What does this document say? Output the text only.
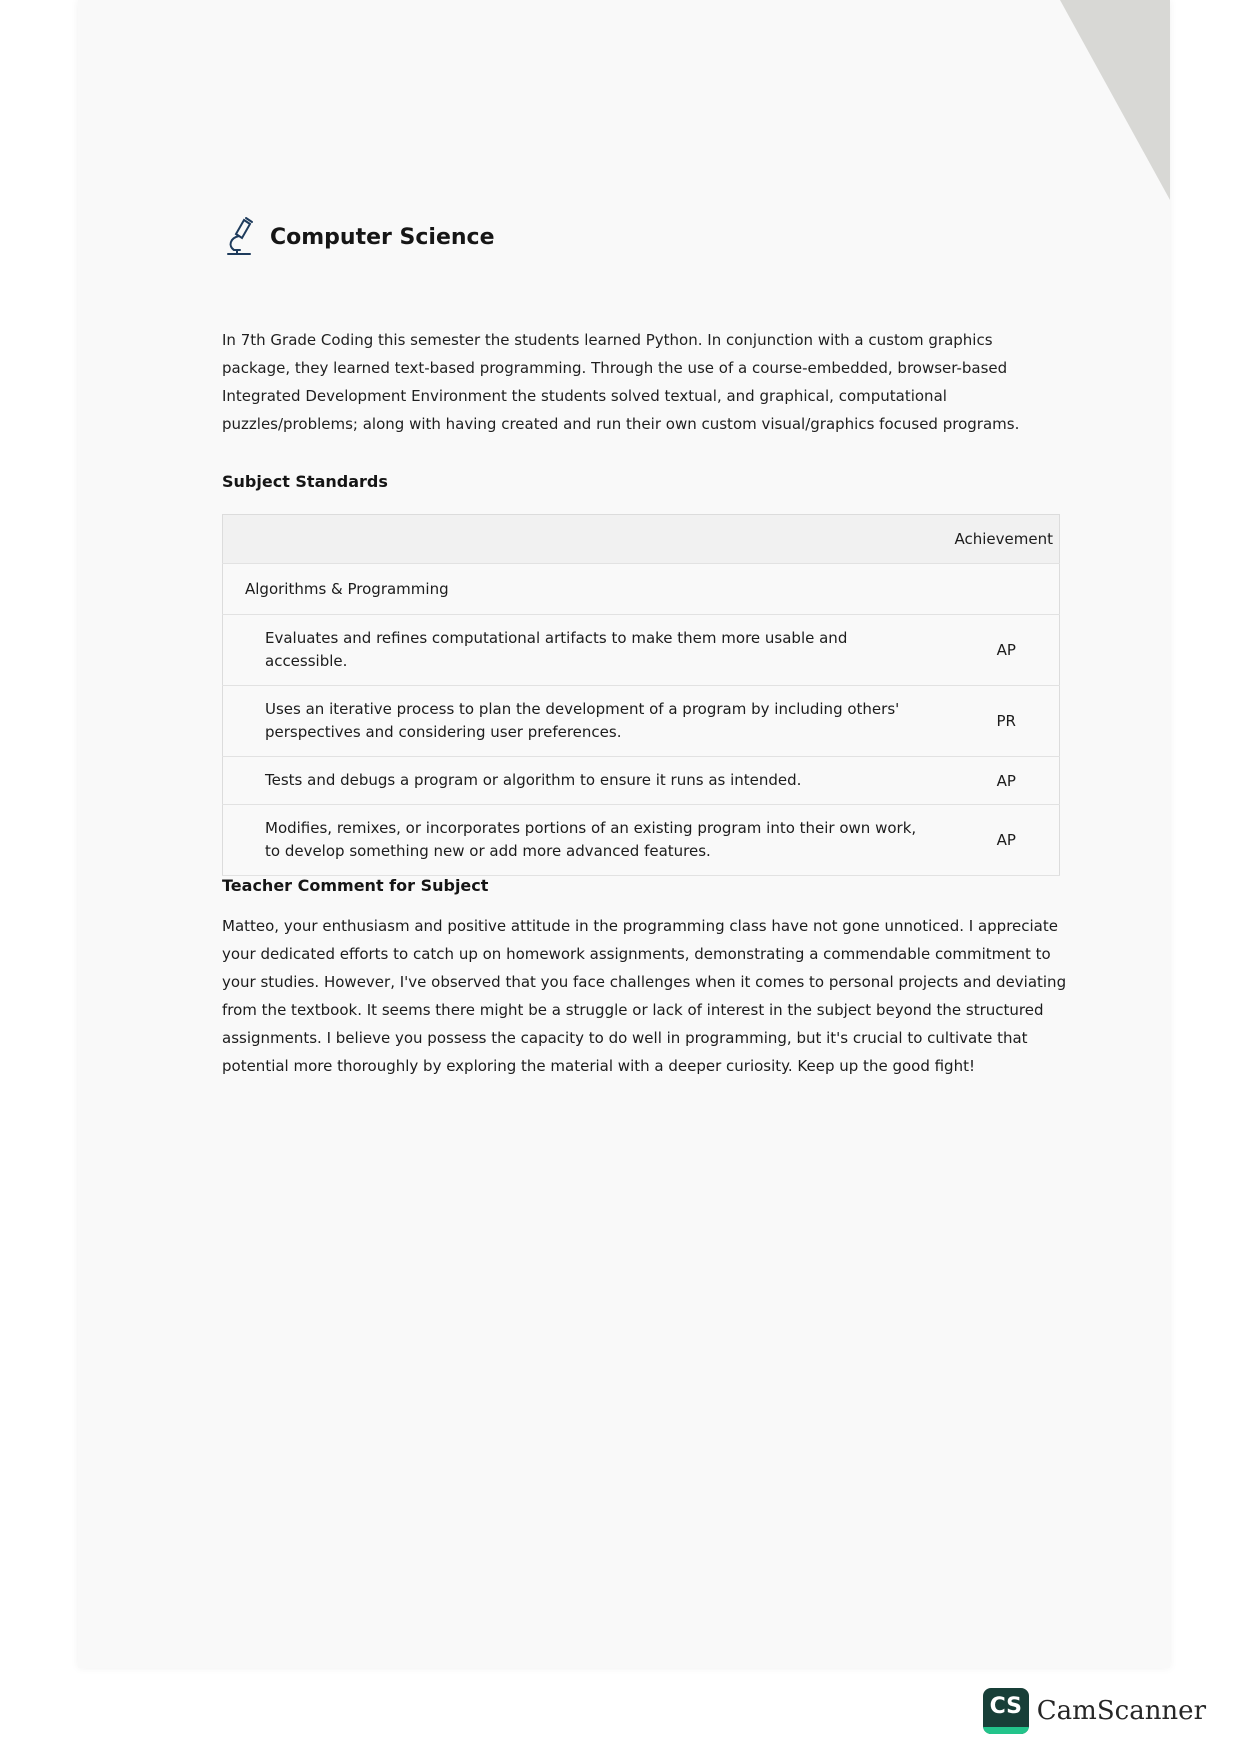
Computer Science

In 7th Grade Coding this semester the students learned Python. In conjunction with a custom graphics package, they learned text-based programming. Through the use of a course-embedded, browser-based Integrated Development Environment the students solved textual, and graphical, computational puzzles/problems; along with having created and run their own custom visual/graphics focused programs.

Subject Standards
	Achievement
Algorithms & Programming	
Evaluates and refines computational artifacts to make them more usable and accessible.	AP
Uses an iterative process to plan the development of a program by including others' perspectives and considering user preferences.	PR
Tests and debugs a program or algorithm to ensure it runs as intended.	AP
Modifies, remixes, or incorporates portions of an existing program into their own work, to develop something new or add more advanced features.	AP
Teacher Comment for Subject

Matteo, your enthusiasm and positive attitude in the programming class have not gone unnoticed. I appreciate your dedicated efforts to catch up on homework assignments, demonstrating a commendable commitment to your studies. However, I've observed that you face challenges when it comes to personal projects and deviating from the textbook. It seems there might be a struggle or lack of interest in the subject beyond the structured assignments. I believe you possess the capacity to do well in programming, but it's crucial to cultivate that potential more thoroughly by exploring the material with a deeper curiosity. Keep up the good fight!

CS CamScanner
